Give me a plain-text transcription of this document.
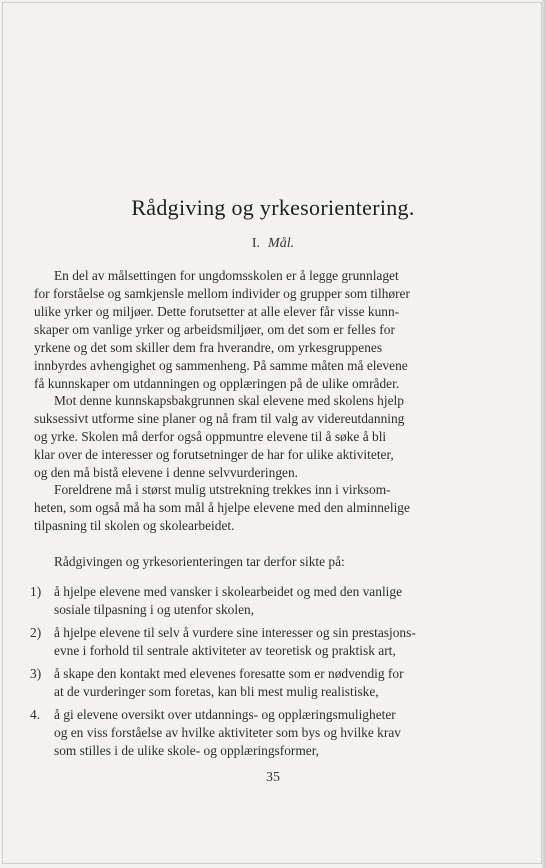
Rådgiving og yrkesorientering.
I. Mål.
En del av målsettingen for ungdomsskolen er å legge grunnlaget
for forståelse og samkjensle mellom individer og grupper som tilhører
ulike yrker og miljøer. Dette forutsetter at alle elever får visse kunn-
skaper om vanlige yrker og arbeidsmiljøer, om det som er felles for
yrkene og det som skiller dem fra hverandre, om yrkesgruppenes
innbyrdes avhengighet og sammenheng. På samme måten må elevene
få kunnskaper om utdanningen og opplæringen på de ulike områder.
Mot denne kunnskapsbakgrunnen skal elevene med skolens hjelp
suksessivt utforme sine planer og nå fram til valg av videreutdanning
og yrke. Skolen må derfor også oppmuntre elevene til å søke å bli
klar over de interesser og forutsetninger de har for ulike aktiviteter,
og den må bistå elevene i denne selvvurderingen.
Foreldrene må i størst mulig utstrekning trekkes inn i virksom-
heten, som også må ha som mål å hjelpe elevene med den alminnelige
tilpasning til skolen og skolearbeidet.
Rådgivingen og yrkesorienteringen tar derfor sikte på:
1) å hjelpe elevene med vansker i skolearbeidet og med den vanlige
sosiale tilpasning i og utenfor skolen,
2) å hjelpe elevene til selv å vurdere sine interesser og sin prestasjons-
evne i forhold til sentrale aktiviteter av teoretisk og praktisk art,
3) å skape den kontakt med elevenes foresatte som er nødvendig for
at de vurderinger som foretas, kan bli mest mulig realistiske,
4.	å gi elevene oversikt over utdannings- og opplæringsmuligheter
og en viss forståelse av hvilke aktiviteter som bys og hvilke krav
som stilles i de ulike skole- og opplæringsformer,
35
